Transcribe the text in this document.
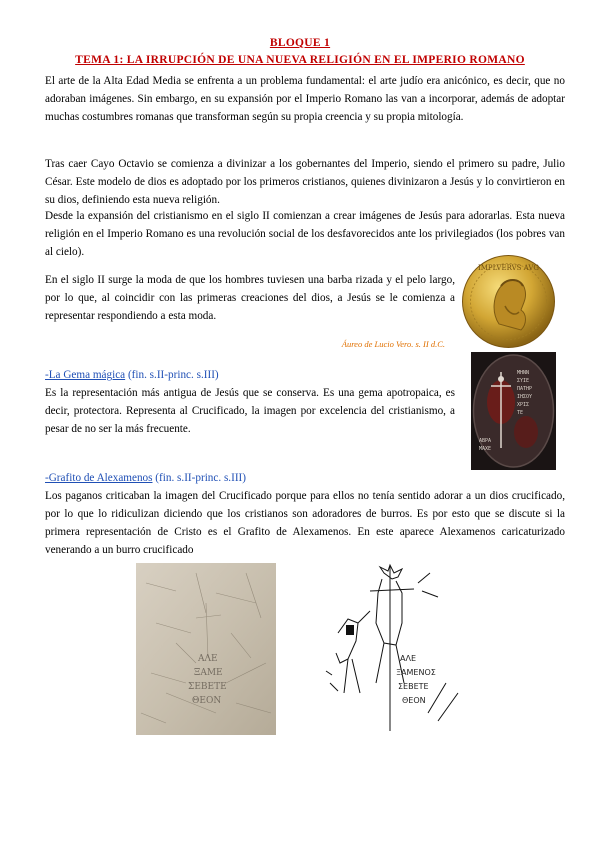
BLOQUE 1
TEMA 1: LA IRRUPCIÓN DE UNA NUEVA RELIGIÓN EN EL IMPERIO ROMANO

El arte de la Alta Edad Media se enfrenta a un problema fundamental: el arte judío era anicónico, es decir, que no adoraban imágenes. Sin embargo, en su expansión por el Imperio Romano las van a incorporar, además de adoptar muchas costumbres romanas que transforman según su propia creencia y su propia mitología.

Tras caer Cayo Octavio se comienza a divinizar a los gobernantes del Imperio, siendo el primero su padre, Julio César. Este modelo de dios es adoptado por los primeros cristianos, quienes divinizaron a Jesús y lo convirtieron en su dios, definiendo esta nueva religión.

Desde la expansión del cristianismo en el siglo II comienzan a crear imágenes de Jesús para adorarlas. Esta nueva religión en el Imperio Romano es una revolución social de los desfavorecidos ante los privilegiados (los pobres van al cielo).

En el siglo II surge la moda de que los hombres tuviesen una barba rizada y el pelo largo, por lo que, al coincidir con las primeras creaciones del dios, a Jesús se le comienza a representar respondiendo a esta moda.

IMPLVERVS AVG
Áureo de Lucio Vero. s. II d.C.
-La Gema mágica (fin. s.II-princ. s.III)

Es la representación más antigua de Jesús que se conserva. Es una gema apotropaica, es decir, protectora. Representa al Crucificado, la imagen por excelencia del cristianismo, a pesar de no ser la más frecuente.

MHNN
ΣΥΙΕ
ΠΑΤΗΡ
ΙΗΣΟΥ
ΧΡΙΣ
ΤΕ
ΑΒΡΑ
ΜΑΧΕ
-Grafito de Alexamenos (fin. s.II-princ. s.III)

Los paganos criticaban la imagen del Crucificado porque para ellos no tenía sentido adorar a un dios crucificado, por lo que lo ridiculizan diciendo que los cristianos son adoradores de burros. Es por esto que se discute si la primera representación de Cristo es el Grafito de Alexamenos. En este aparece Alexamenos caricaturizado venerando a un burro crucificado

ΑΛΕ
ΞΑΜΕ
ΣΕΒΕΤΕ
ΘΕΟΝ
ΑΛΕ
ΞΑΜΕΝΟΣ
ΣΕΒΕΤΕ
ΘΕΟΝ
